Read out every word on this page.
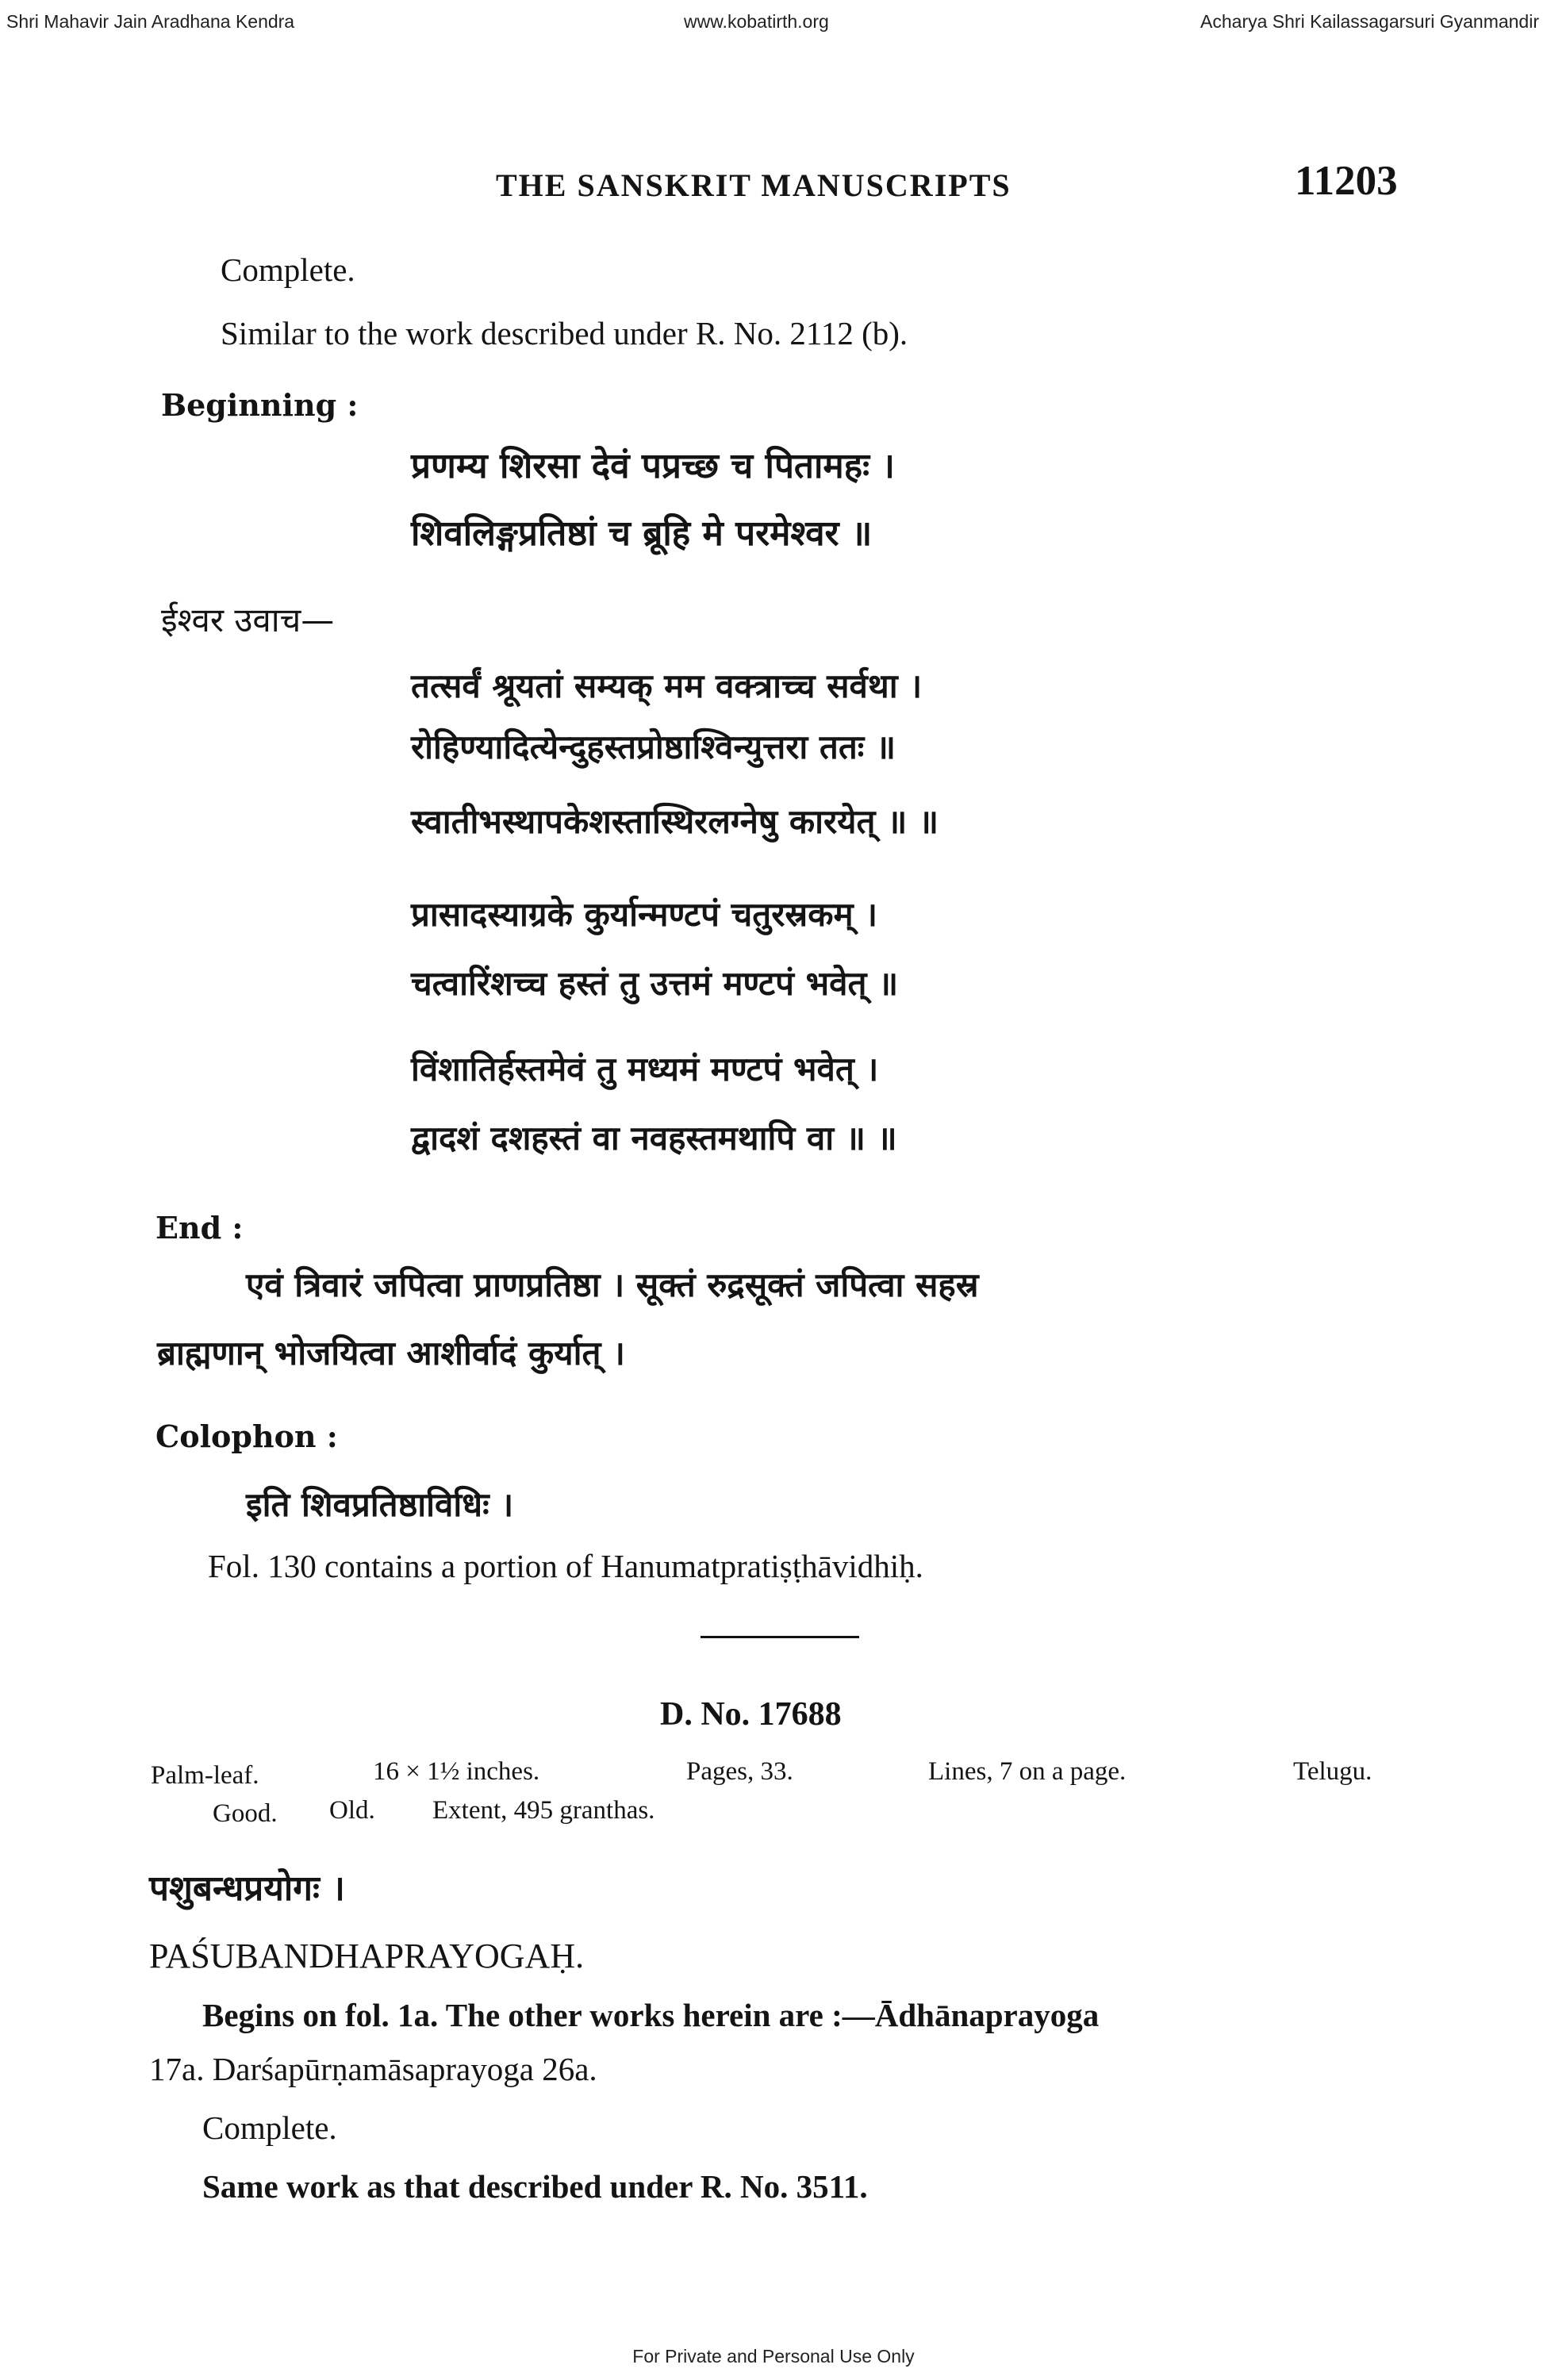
Shri Mahavir Jain Aradhana Kendra	www.kobatirth.org	Acharya Shri Kailassagarsuri Gyanmandir
THE SANSKRIT MANUSCRIPTS	11203
Complete.
Similar to the work described under R. No. 2112 (b).
Beginning :
प्रणम्य शिरसा देवं पप्रच्छ च पितामहः ।
शिवलिङ्गप्रतिष्ठां च ब्रूहि मे परमेश्वर ॥
ईश्वर उवाच—
तत्सर्वं श्रूयतां सम्यक् मम वक्त्राच्च सर्वथा ।
रोहिण्यादित्येन्दुहस्तप्रोष्ठाश्विन्युत्तरा ततः ॥
स्वातीभस्थापकेशस्तास्थिरलग्नेषु कारयेत् ॥ ॥
प्रासादस्याग्रके कुर्यान्मण्टपं चतुरस्रकम् ।
चत्वारिंशच्च हस्तं तु उत्तमं मण्टपं भवेत् ॥
विंशातिर्हस्तमेवं तु मध्यमं मण्टपं भवेत् ।
द्वादशं दशहस्तं वा नवहस्तमथापि वा ॥ ॥
End :
एवं त्रिवारं जपित्वा प्राणप्रतिष्ठा । सूक्तं रुद्रसूक्तं जपित्वा सहस्र
ब्राह्मणान् भोजयित्वा आशीर्वादं कुर्यात् ।
Colophon :
इति शिवप्रतिष्ठाविधिः ।
Fol. 130 contains a portion of Hanumatpratiṣṭhāvidhiḥ.
D. No. 17688
Palm-leaf.	16 × 1½ inches.	Pages, 33.	Lines, 7 on a page.	Telugu.
Good. Old. Extent, 495 granthas.
पशुबन्धप्रयोगः ।
PAŚUBANDHAPRAYOGAḤ.
Begins on fol. 1a. The other works herein are :—Ādhānaprayoga
17a. Darśapūrṇamāsaprayoga 26a.
Complete.
Same work as that described under R. No. 3511.
For Private and Personal Use Only
